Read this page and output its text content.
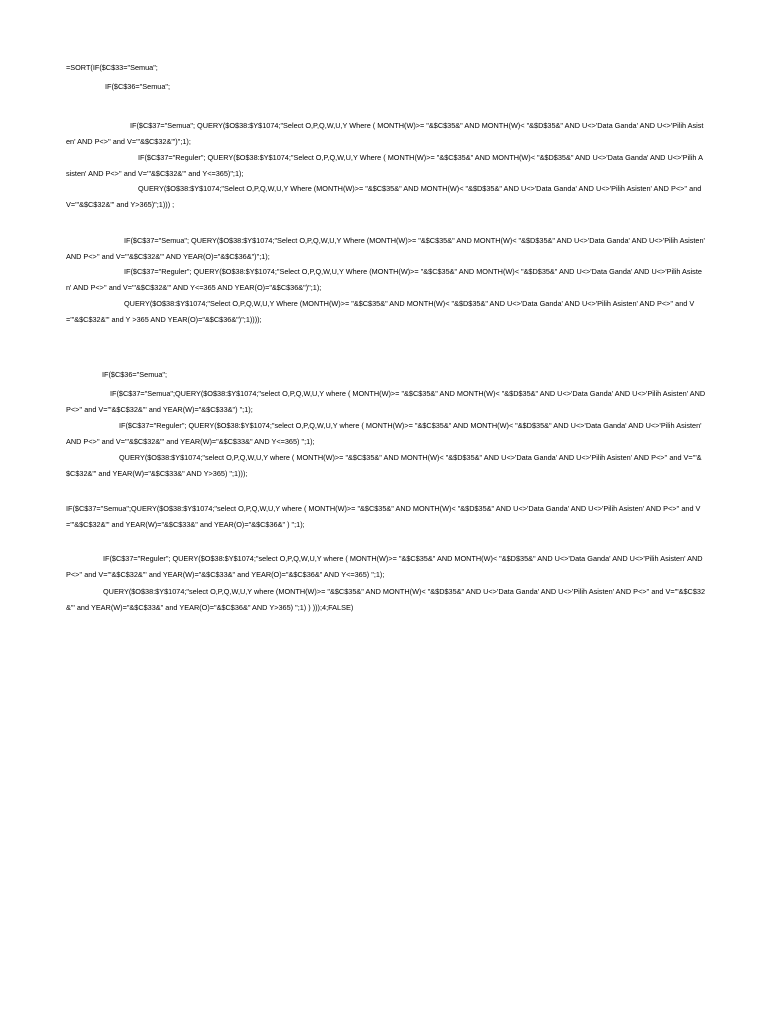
=SORT(IF($C$33="Semua";
IF($C$36="Semua";
IF($C$37="Semua"; QUERY($O$38:$Y$1074;"Select O,P,Q,W,U,Y Where ( MONTH(W)>= "&$C$35&" AND MONTH(W)< "&$D$35&" AND U<>'Data Ganda' AND U<>'Pilih Asisten' AND P<>'' and V='"&$C$32&"')";1);
IF($C$37="Reguler"; QUERY($O$38:$Y$1074;"Select O,P,Q,W,U,Y Where ( MONTH(W)>= "&$C$35&" AND MONTH(W)< "&$D$35&" AND U<>'Data Ganda' AND U<>'Pilih Asisten' AND P<>'' and V='"&$C$32&"' and Y<=365)";1);
QUERY($O$38:$Y$1074;"Select O,P,Q,W,U,Y Where (MONTH(W)>= "&$C$35&" AND MONTH(W)< "&$D$35&" AND U<>'Data Ganda' AND U<>'Pilih Asisten' AND P<>'' and V='"&$C$32&"' and Y>365)";1))) ;
IF($C$37="Semua"; QUERY($O$38:$Y$1074;"Select O,P,Q,W,U,Y Where (MONTH(W)>= "&$C$35&" AND MONTH(W)< "&$D$35&" AND U<>'Data Ganda' AND U<>'Pilih Asisten' AND P<>'' and V='"&$C$32&"' AND YEAR(O)="&$C$36&")";1);
IF($C$37="Reguler"; QUERY($O$38:$Y$1074;"Select O,P,Q,W,U,Y Where (MONTH(W)>= "&$C$35&" AND MONTH(W)< "&$D$35&" AND U<>'Data Ganda' AND U<>'Pilih Asisten' AND P<>'' and V='"&$C$32&"' AND Y<=365 AND YEAR(O)="&$C$36&")";1);
QUERY($O$38:$Y$1074;"Select O,P,Q,W,U,Y Where (MONTH(W)>= "&$C$35&" AND MONTH(W)< "&$D$35&" AND U<>'Data Ganda' AND U<>'Pilih Asisten' AND P<>'' and V='"&$C$32&"' and Y >365 AND YEAR(O)="&$C$36&")";1))));
IF($C$36="Semua";
IF($C$37="Semua";QUERY($O$38:$Y$1074;"select O,P,Q,W,U,Y where ( MONTH(W)>= "&$C$35&" AND MONTH(W)< "&$D$35&" AND U<>'Data Ganda' AND U<>'Pilih Asisten' AND P<>'' and V='"&$C$32&"' and YEAR(W)="&$C$33&") ";1);
IF($C$37="Reguler"; QUERY($O$38:$Y$1074;"select O,P,Q,W,U,Y where ( MONTH(W)>= "&$C$35&" AND MONTH(W)< "&$D$35&" AND U<>'Data Ganda' AND U<>'Pilih Asisten' AND P<>'' and V='"&$C$32&"' and YEAR(W)="&$C$33&" AND Y<=365) ";1);
QUERY($O$38:$Y$1074;"select O,P,Q,W,U,Y where ( MONTH(W)>= "&$C$35&" AND MONTH(W)< "&$D$35&" AND U<>'Data Ganda' AND U<>'Pilih Asisten' AND P<>'' and V='"&$C$32&"' and YEAR(W)="&$C$33&" AND Y>365) ";1)));
IF($C$37="Semua";QUERY($O$38:$Y$1074;"select O,P,Q,W,U,Y where ( MONTH(W)>= "&$C$35&" AND MONTH(W)< "&$D$35&" AND U<>'Data Ganda' AND U<>'Pilih Asisten' AND P<>'' and V='"&$C$32&"' and YEAR(W)="&$C$33&" and YEAR(O)="&$C$36&" ) ";1);
IF($C$37="Reguler"; QUERY($O$38:$Y$1074;"select O,P,Q,W,U,Y where ( MONTH(W)>= "&$C$35&" AND MONTH(W)< "&$D$35&" AND U<>'Data Ganda' AND U<>'Pilih Asisten' AND P<>'' and V='"&$C$32&"' and YEAR(W)="&$C$33&" and YEAR(O)="&$C$36&" AND Y<=365) ";1);
QUERY($O$38:$Y$1074;"select O,P,Q,W,U,Y where (MONTH(W)>= "&$C$35&" AND MONTH(W)< "&$D$35&" AND U<>'Data Ganda' AND U<>'Pilih Asisten' AND P<>'' and V='"&$C$32&"' and YEAR(W)="&$C$33&" and YEAR(O)="&$C$36&" AND Y>365) ";1) ) )));4;FALSE)
